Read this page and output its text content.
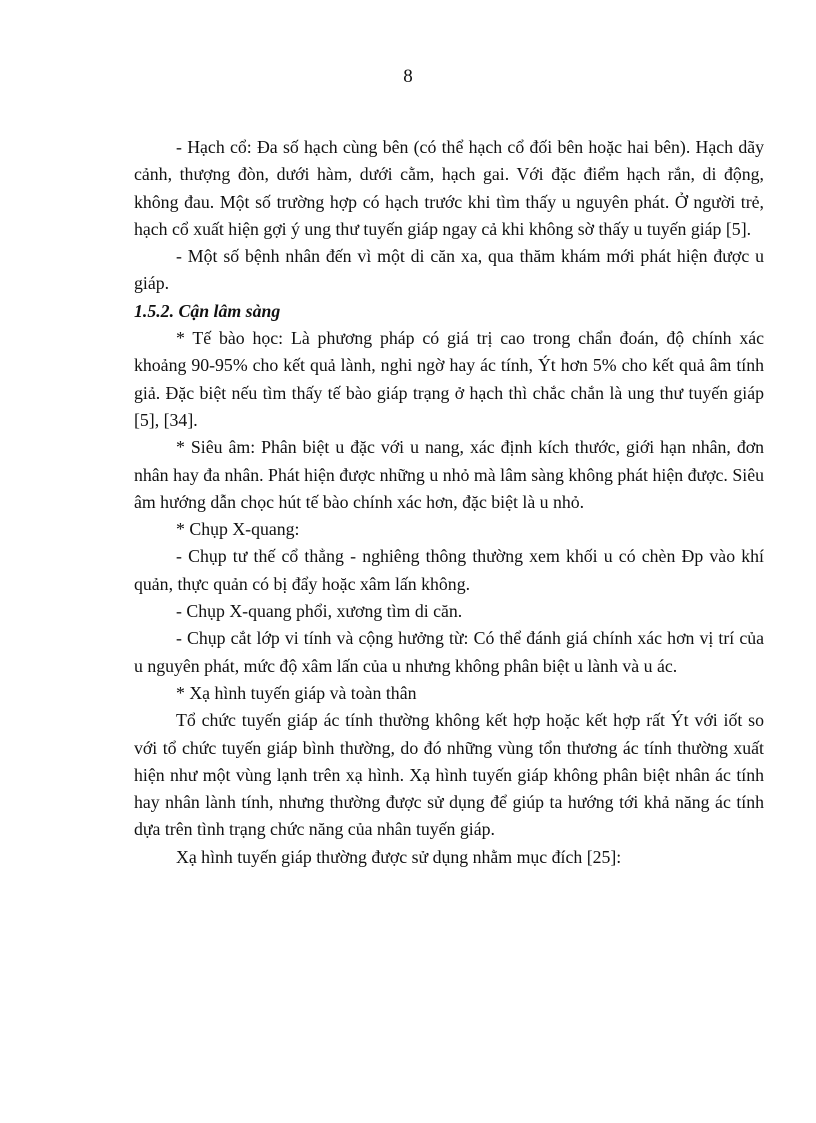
8

- Hạch cổ: Đa số hạch cùng bên (có thể hạch cổ đối bên hoặc hai bên). Hạch dãy cảnh, thượng đòn, dưới hàm, dưới cằm, hạch gai. Với đặc điểm hạch rắn, di động, không đau. Một số trường hợp có hạch trước khi tìm thấy u nguyên phát. Ở người trẻ, hạch cổ xuất hiện gợi ý ung thư tuyến giáp ngay cả khi không sờ thấy u tuyến giáp [5].

- Một số bệnh nhân đến vì một di căn xa, qua thăm khám mới phát hiện được u giáp.

1.5.2. Cận lâm sàng

* Tế bào học: Là phương pháp có giá trị cao trong chẩn đoán, độ chính xác khoảng 90-95% cho kết quả lành, nghi ngờ hay ác tính, Ýt hơn 5% cho kết quả âm tính giả. Đặc biệt nếu tìm thấy tế bào giáp trạng ở hạch thì chắc chắn là ung thư tuyến giáp [5], [34].

* Siêu âm: Phân biệt u đặc với u nang, xác định kích thước, giới hạn nhân, đơn nhân hay đa nhân. Phát hiện được những u nhỏ mà lâm sàng không phát hiện được. Siêu âm hướng dẫn chọc hút tế bào chính xác hơn, đặc biệt là u nhỏ.

* Chụp X-quang:

- Chụp tư thế cổ thẳng - nghiêng thông thường xem khối u có chèn Ðp vào khí quản, thực quản có bị đẩy hoặc xâm lấn không.

- Chụp X-quang phổi, xương tìm di căn.

- Chụp cắt lớp vi tính và cộng hưởng từ: Có thể đánh giá chính xác hơn vị trí của u nguyên phát, mức độ xâm lấn của u nhưng không phân biệt u lành và u ác.

* Xạ hình tuyến giáp và toàn thân

Tổ chức tuyến giáp ác tính thường không kết hợp hoặc kết hợp rất Ýt với iốt so với tổ chức tuyến giáp bình thường, do đó những vùng tổn thương ác tính thường xuất hiện như một vùng lạnh trên xạ hình. Xạ hình tuyến giáp không phân biệt nhân ác tính hay nhân lành tính, nhưng thường được sử dụng để giúp ta hướng tới khả năng ác tính dựa trên tình trạng chức năng của nhân tuyến giáp.

Xạ hình tuyến giáp thường được sử dụng nhằm mục đích [25]:
